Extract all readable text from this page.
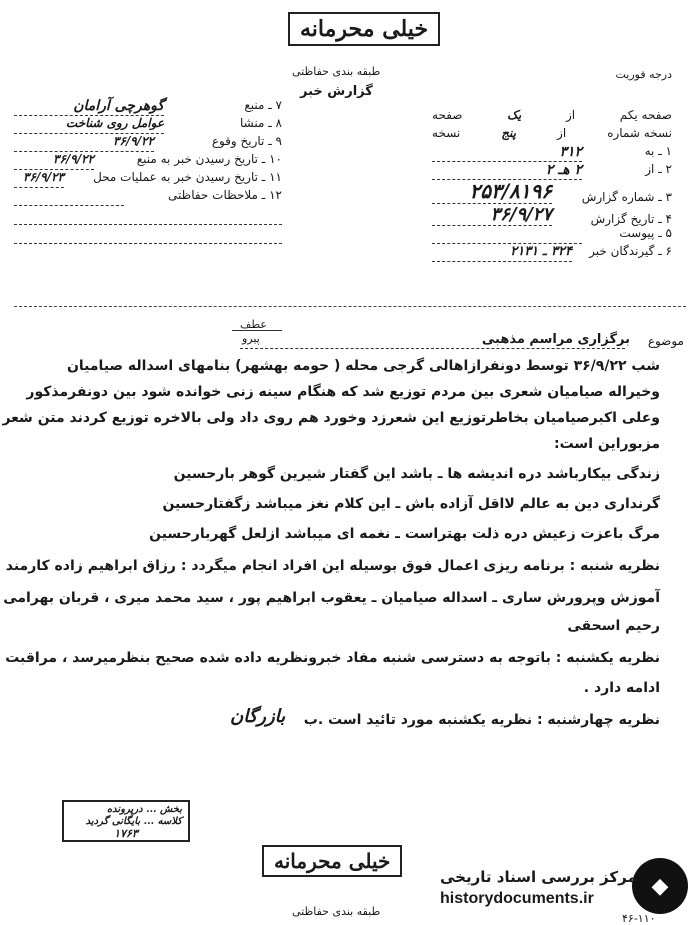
خیلی محرمانه
طبقه بندی حفاظتی
گزارش خبر
درجه فوریت
۷ ـ منبع
گوهرچی آرامان
۸ ـ منشا
عوامل روی شناخت
۹ ـ تاریخ وقوع
۳۶/۹/۲۲
۱۰ ـ تاریخ رسیدن خبر به منبع
۳۶/۹/۲۲
۱۱ ـ تاریخ رسیدن خبر به عملیات محل
۳۶/۹/۲۳
۱۲ ـ ملاحظات حفاظتی
صفحه یکم
از
یک
صفحه
نسخه شماره
از
پنج
نسخه
۱ ـ به
۳۱۲
۲ ـ از
۲ هـ ۲
۳ ـ شماره گزارش
۲۵۳/۸۱۹۶
۴ ـ تاریخ گزارش
۳۶/۹/۲۷
۵ ـ پیوست
۶ ـ گیرندگان خبر
۳۲۴ ـ ۲۱۳۱
عطف
پیرو	موضوع
برگزاری مراسم مذهبی
شب ۳۶/۹/۲۲ توسط دونفرازاهالی گرجی محله ( حومه بهشهر) بنامهای اسداله صیامیان
وخیراله صیامیان شعری بین مردم توزیع شد که هنگام سینه زنی خوانده شود بین دونفرمذکور
وعلی اکبرصیامیان بخاطرتوزیع این شعرزد وخورد هم روی داد ولی بالاخره توزیع کردند متن شعر
مزبوراین است:
زندگی بیکارباشد دره اندیشه ها ـ باشد این گفتار شیرین گوهر بارحسین
گرنداری دین به عالم لااقل آزاده باش ـ این کلام نغز میباشد زگفتارحسین
مرگ باعزت زعیش دره ذلت بهتراست ـ نغمه ای میباشد ازلعل گهربارحسین
نظریه شنبه : برنامه ریزی اعمال فوق بوسیله این افراد انجام میگردد : رزاق ابراهیم زاده کارمند
آموزش وپرورش ساری ـ اسداله صیامیان ـ یعقوب ابراهیم پور ، سید محمد میری ، قربان بهرامی
رحیم اسحقی
نظریه یکشنبه : باتوجه به دسترسی شنبه مفاد خبرونظریه داده شده صحیح بنظرمیرسد ، مراقبت
ادامه دارد .
نظریه چهارشنبه : نظریه یکشنبه مورد تائید است .ب
بازرگان
بخش ... درپرونده
کلاسه ... بایگانی گردید
۱۷۶۳
خیلی محرمانه
طبقه بندی حفاظتی
◆
مرکز بررسی اسناد تاریخی
historydocuments.ir
۴۶-۱۱۰
